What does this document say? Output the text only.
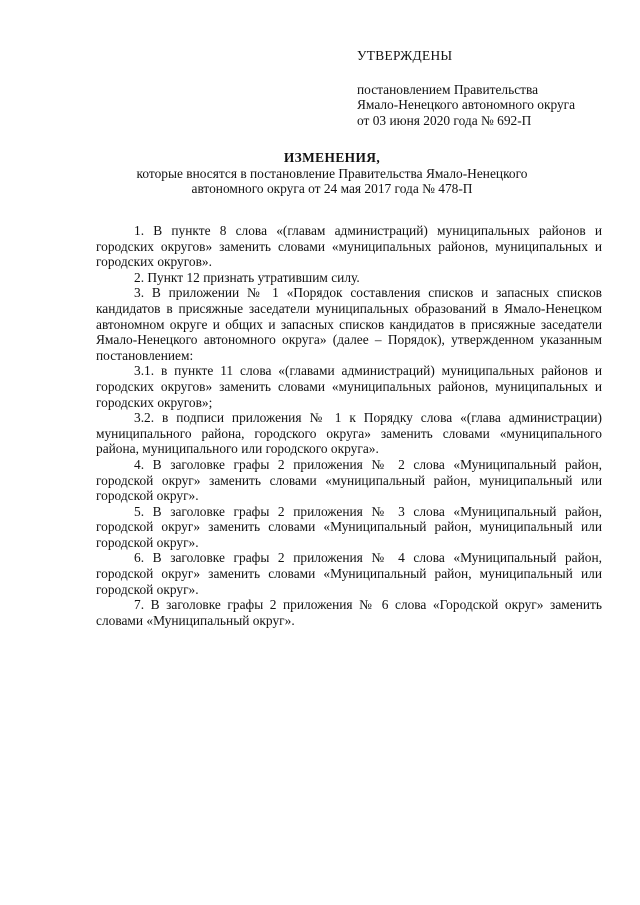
УТВЕРЖДЕНЫ
постановлением Правительства
Ямало-Ненецкого автономного округа
от 03 июня 2020 года № 692-П
ИЗМЕНЕНИЯ,
которые вносятся в постановление Правительства Ямало-Ненецкого
автономного округа от 24 мая 2017 года № 478-П

1. В пункте 8 слова «(главам администраций) муниципальных районов и городских округов» заменить словами «муниципальных районов, муниципальных и городских округов».

2. Пункт 12 признать утратившим силу.

3. В приложении № 1 «Порядок составления списков и запасных списков кандидатов в присяжные заседатели муниципальных образований в Ямало-Ненецком автономном округе и общих и запасных списков кандидатов в присяжные заседатели Ямало-Ненецкого автономного округа» (далее – Порядок), утвержденном указанным постановлением:

3.1. в пункте 11 слова «(главами администраций) муниципальных районов и городских округов» заменить словами «муниципальных районов, муниципальных и городских округов»;

3.2. в подписи приложения № 1 к Порядку слова «(глава администрации) муниципального района, городского округа» заменить словами «муниципального района, муниципального или городского округа».

4. В заголовке графы 2 приложения № 2 слова «Муниципальный район, городской округ» заменить словами «муниципальный район, муниципальный или городской округ».

5. В заголовке графы 2 приложения № 3 слова «Муниципальный район, городской округ» заменить словами «Муниципальный район, муниципальный или городской округ».

6. В заголовке графы 2 приложения № 4 слова «Муниципальный район, городской округ» заменить словами «Муниципальный район, муниципальный или городской округ».

7. В заголовке графы 2 приложения № 6 слова «Городской округ» заменить словами «Муниципальный округ».
